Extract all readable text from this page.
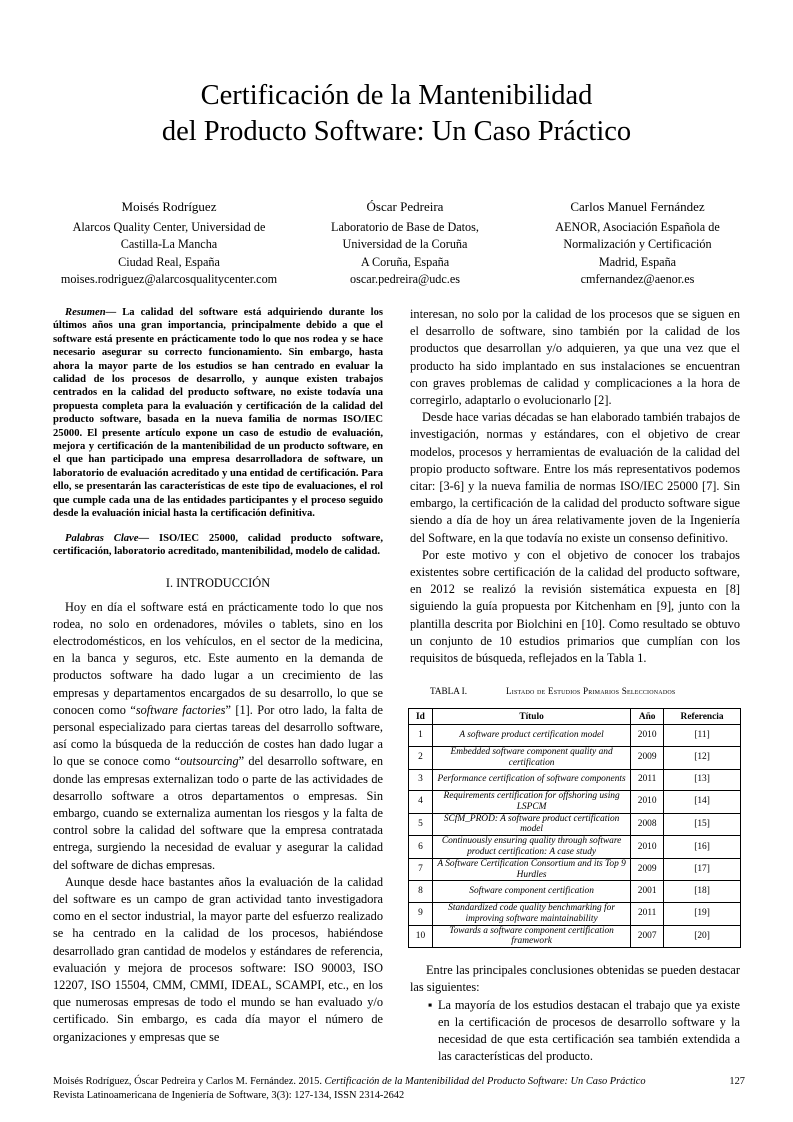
Certificación de la Mantenibilidad
del Producto Software: Un Caso Práctico
Moisés Rodríguez
Alarcos Quality Center, Universidad de
Castilla-La Mancha
Ciudad Real, España
moises.rodriguez@alarcosqualitycenter.com
Óscar Pedreira
Laboratorio de Base de Datos,
Universidad de la Coruña
A Coruña, España
oscar.pedreira@udc.es
Carlos Manuel Fernández
AENOR, Asociación Española de
Normalización y Certificación
Madrid, España
cmfernandez@aenor.es

Resumen— La calidad del software está adquiriendo durante los últimos años una gran importancia, principalmente debido a que el software está presente en prácticamente todo lo que nos rodea y se hace necesario asegurar su correcto funcionamiento. Sin embargo, hasta ahora la mayor parte de los estudios se han centrado en evaluar la calidad de los procesos de desarrollo, y aunque existen trabajos centrados en la calidad del producto software, no existe todavía una propuesta completa para la evaluación y certificación de la calidad del producto software, basada en la nueva familia de normas ISO/IEC 25000. El presente artículo expone un caso de estudio de evaluación, mejora y certificación de la mantenibilidad de un producto software, en el que han participado una empresa desarrolladora de software, un laboratorio de evaluación acreditado y una entidad de certificación. Para ello, se presentarán las características de este tipo de evaluaciones, el rol que cumple cada una de las entidades participantes y el proceso seguido desde la evaluación inicial hasta la certificación definitiva.

Palabras Clave— ISO/IEC 25000, calidad producto software, certificación, laboratorio acreditado, mantenibilidad, modelo de calidad.

I. INTRODUCCIÓN

Hoy en día el software está en prácticamente todo lo que nos rodea, no solo en ordenadores, móviles o tablets, sino en los electrodomésticos, en los vehículos, en el sector de la medicina, en la banca y seguros, etc. Este aumento en la demanda de productos software ha dado lugar a un crecimiento de las empresas y departamentos encargados de su desarrollo, lo que se conocen como “software factories” [1]. Por otro lado, la falta de personal especializado para ciertas tareas del desarrollo software, así como la búsqueda de la reducción de costes han dado lugar a lo que se conoce como “outsourcing” del desarrollo software, en donde las empresas externalizan todo o parte de las actividades de desarrollo software a otros departamentos o empresas. Sin embargo, cuando se externaliza aumentan los riesgos y la falta de control sobre la calidad del software que la empresa contratada entrega, surgiendo la necesidad de evaluar y asegurar la calidad del software de dichas empresas.

Aunque desde hace bastantes años la evaluación de la calidad del software es un campo de gran actividad tanto investigadora como en el sector industrial, la mayor parte del esfuerzo realizado se ha centrado en la calidad de los procesos, habiéndose desarrollado gran cantidad de modelos y estándares de referencia, evaluación y mejora de procesos software: ISO 90003, ISO 12207, ISO 15504, CMM, CMMI, IDEAL, SCAMPI, etc., en los que numerosas empresas de todo el mundo se han evaluado y/o certificado. Sin embargo, es cada día mayor el número de organizaciones y empresas que se

interesan, no solo por la calidad de los procesos que se siguen en el desarrollo de software, sino también por la calidad de los productos que desarrollan y/o adquieren, ya que una vez que el producto ha sido implantado en sus instalaciones se encuentran con graves problemas de calidad y complicaciones a la hora de corregirlo, adaptarlo o evolucionarlo [2].

Desde hace varias décadas se han elaborado también trabajos de investigación, normas y estándares, con el objetivo de crear modelos, procesos y herramientas de evaluación de la calidad del propio producto software. Entre los más representativos podemos citar: [3-6] y la nueva familia de normas ISO/IEC 25000 [7]. Sin embargo, la certificación de la calidad del producto software sigue siendo a día de hoy un área relativamente joven de la Ingeniería del Software, en la que todavía no existe un consenso definitivo.

Por este motivo y con el objetivo de conocer los trabajos existentes sobre certificación de la calidad del producto software, en 2012 se realizó la revisión sistemática expuesta en [8] siguiendo la guía propuesta por Kitchenham en [9], junto con la plantilla descrita por Biolchini en [10]. Como resultado se obtuvo un conjunto de 10 estudios primarios que cumplían con los requisitos de búsqueda, reflejados en la Tabla 1.

TABLA I.	Listado de Estudios Primarios Seleccionados
Id	Título	Año	Referencia
1	A software product certification model	2010	[11]
2	Embedded software component quality and certification	2009	[12]
3	Performance certification of software components	2011	[13]
4	Requirements certification for offshoring using LSPCM	2010	[14]
5	SCfM_PROD: A software product certification model	2008	[15]
6	Continuously ensuring quality through software product certification: A case study	2010	[16]
7	A Software Certification Consortium and its Top 9 Hurdles	2009	[17]
8	Software component certification	2001	[18]
9	Standardized code quality benchmarking for improving software maintainability	2011	[19]
10	Towards a software component certification framework	2007	[20]

Entre las principales conclusiones obtenidas se pueden destacar las siguientes:

▪ La mayoría de los estudios destacan el trabajo que ya existe en la certificación de procesos de desarrollo software y la necesidad de que esta certificación sea también extendida a las características del producto.
Moisés Rodríguez, Óscar Pedreira y Carlos M. Fernández. 2015. Certificación de la Mantenibilidad del Producto Software: Un Caso Práctico
Revista Latinoamericana de Ingeniería de Software, 3(3): 127-134, ISSN 2314-2642
127
